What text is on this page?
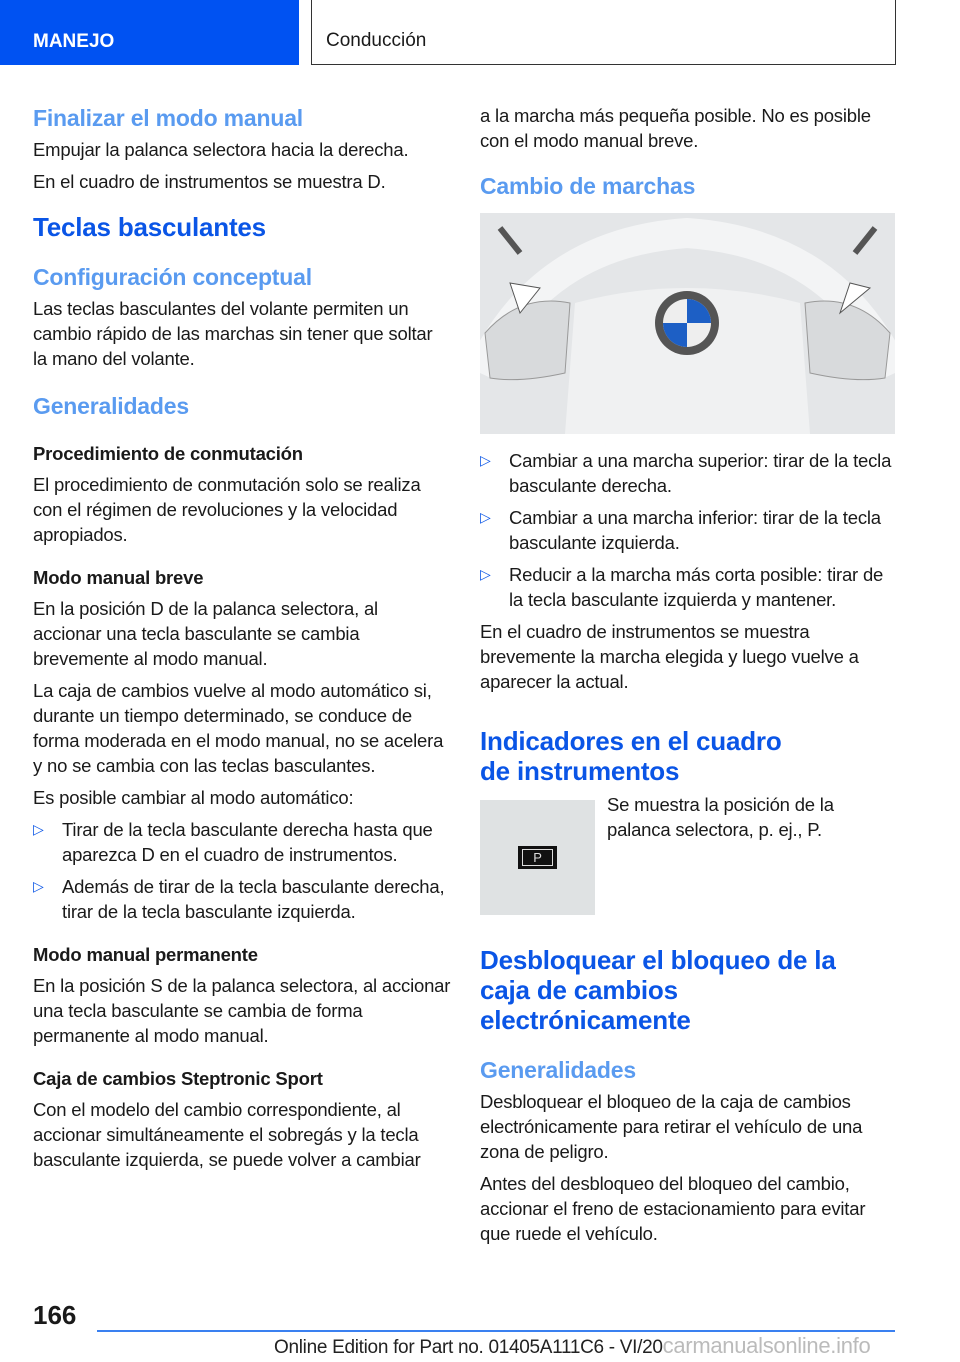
MANEJO	Conducción
Finalizar el modo manual

Empujar la palanca selectora hacia la derecha.

En el cuadro de instrumentos se muestra D.

Teclas basculantes
Configuración conceptual

Las teclas basculantes del volante permiten un cambio rápido de las marchas sin tener que soltar la mano del volante.

Generalidades
Procedimiento de conmutación

El procedimiento de conmutación solo se realiza con el régimen de revoluciones y la velocidad apropiados.

Modo manual breve

En la posición D de la palanca selectora, al accionar una tecla basculante se cambia brevemente al modo manual.

La caja de cambios vuelve al modo automático si, durante un tiempo determinado, se conduce de forma moderada en el modo manual, no se acelera y no se cambia con las teclas basculantes.

Es posible cambiar al modo automático:

▷ Tirar de la tecla basculante derecha hasta que aparezca D en el cuadro de instrumentos.
▷ Además de tirar de la tecla basculante derecha, tirar de la tecla basculante izquierda.
Modo manual permanente

En la posición S de la palanca selectora, al accionar una tecla basculante se cambia de forma permanente al modo manual.

Caja de cambios Steptronic Sport

Con el modelo del cambio correspondiente, al accionar simultáneamente el sobregás y la tecla basculante izquierda, se puede volver a cambiar

a la marcha más pequeña posible. No es posible con el modo manual breve.

Cambio de marchas
▷ Cambiar a una marcha superior: tirar de la tecla basculante derecha.
▷ Cambiar a una marcha inferior: tirar de la tecla basculante izquierda.
▷ Reducir a la marcha más corta posible: tirar de la tecla basculante izquierda y mantener.

En el cuadro de instrumentos se muestra brevemente la marcha elegida y luego vuelve a aparecer la actual.

Indicadores en el cuadro de instrumentos
P

Se muestra la posición de la palanca selectora, p. ej., P.

Desbloquear el bloqueo de la caja de cambios electrónicamente
Generalidades

Desbloquear el bloqueo de la caja de cambios electrónicamente para retirar el vehículo de una zona de peligro.

Antes del desbloqueo del bloqueo del cambio, accionar el freno de estacionamiento para evitar que ruede el vehículo.

166
Online Edition for Part no. 01405A111C6 - VI/20carmanualsonline.info
